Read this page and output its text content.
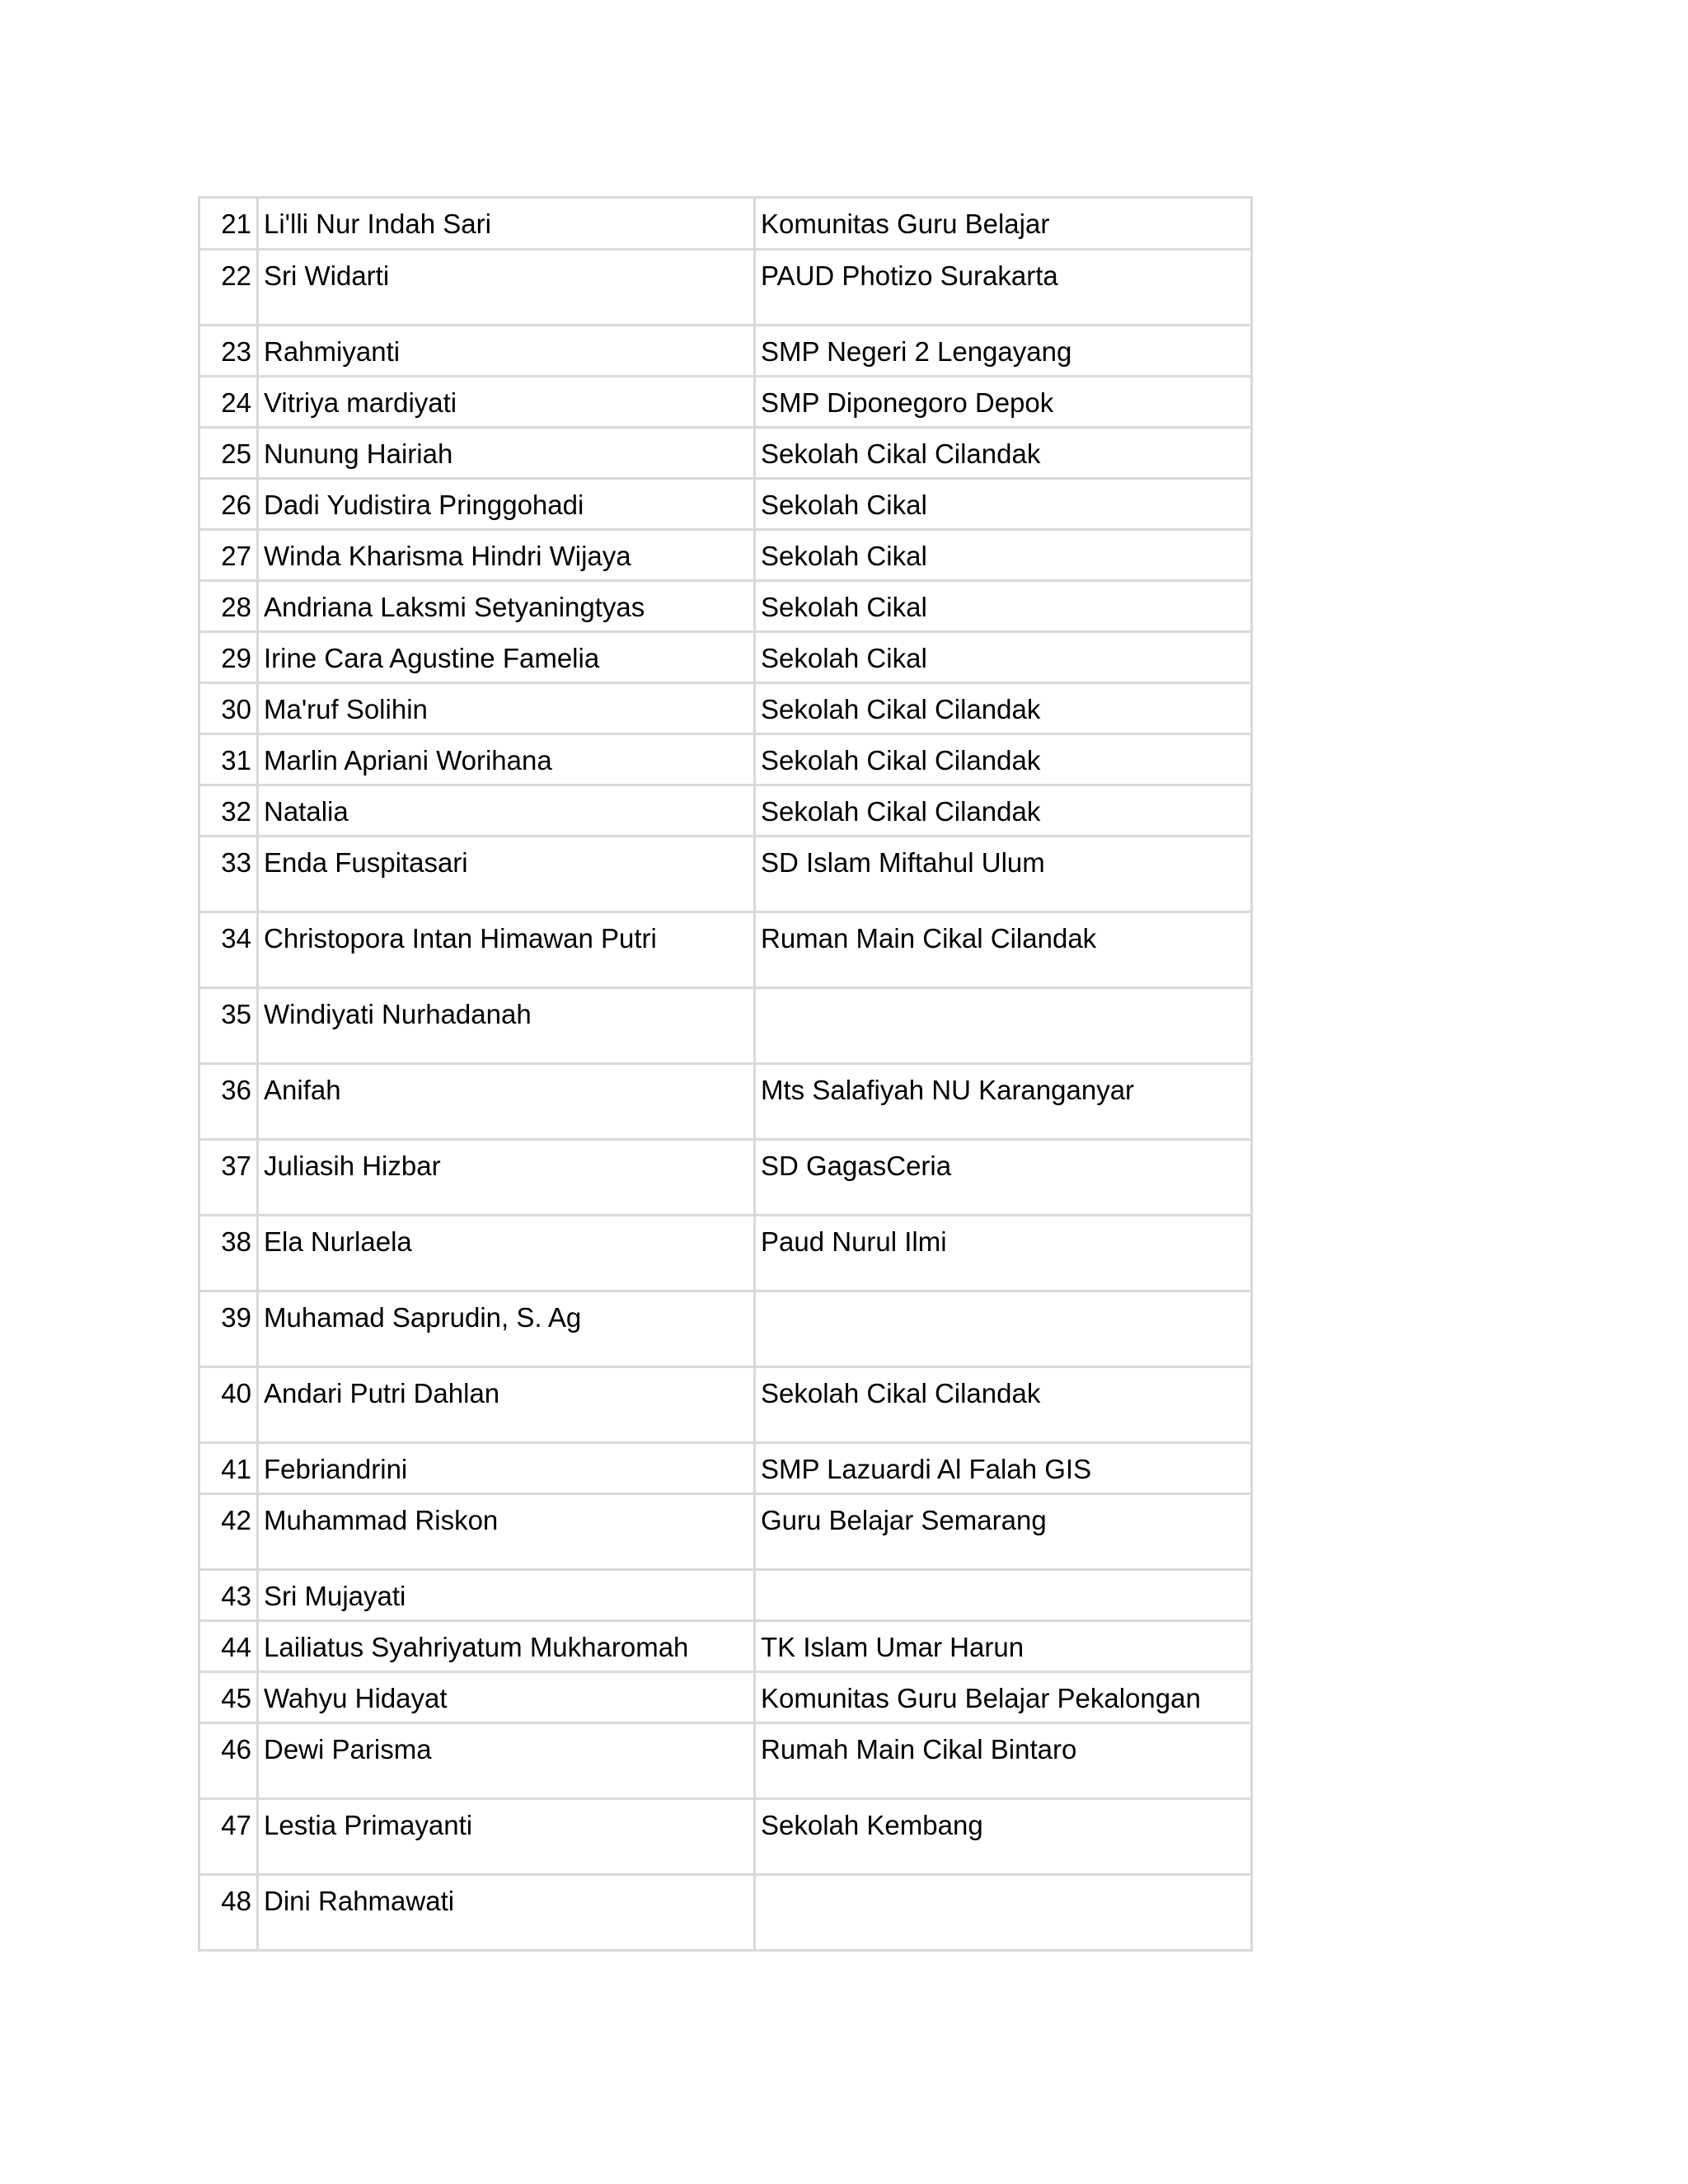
21	Li'lli Nur Indah Sari	Komunitas Guru Belajar
22	Sri Widarti	PAUD Photizo Surakarta
23	Rahmiyanti	SMP Negeri 2 Lengayang
24	Vitriya mardiyati	SMP Diponegoro Depok
25	Nunung Hairiah	Sekolah Cikal Cilandak
26	Dadi Yudistira Pringgohadi	Sekolah Cikal
27	Winda Kharisma Hindri Wijaya	Sekolah Cikal
28	Andriana Laksmi Setyaningtyas	Sekolah Cikal
29	Irine Cara Agustine Famelia	Sekolah Cikal
30	Ma'ruf Solihin	Sekolah Cikal Cilandak
31	Marlin Apriani Worihana	Sekolah Cikal Cilandak
32	Natalia	Sekolah Cikal Cilandak
33	Enda Fuspitasari	SD Islam Miftahul Ulum
34	Christopora Intan Himawan Putri	Ruman Main Cikal Cilandak
35	Windiyati Nurhadanah	
36	Anifah	Mts Salafiyah NU Karanganyar
37	Juliasih Hizbar	SD GagasCeria
38	Ela Nurlaela	Paud Nurul Ilmi
39	Muhamad Saprudin, S. Ag	
40	Andari Putri Dahlan	Sekolah Cikal Cilandak
41	Febriandrini	SMP Lazuardi Al Falah GIS
42	Muhammad Riskon	Guru Belajar Semarang
43	Sri Mujayati	
44	Lailiatus Syahriyatum Mukharomah	TK Islam Umar Harun
45	Wahyu Hidayat	Komunitas Guru Belajar Pekalongan
46	Dewi Parisma	Rumah Main Cikal Bintaro
47	Lestia Primayanti	Sekolah Kembang
48	Dini Rahmawati	
